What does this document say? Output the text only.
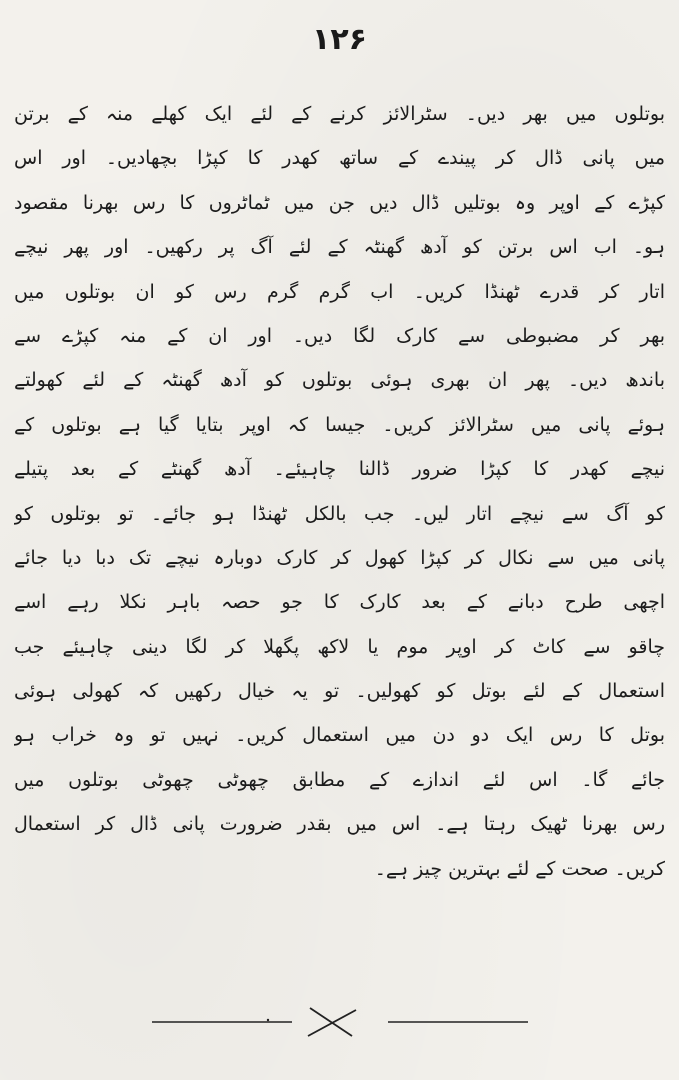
۱۲۶
بوتلوں میں بھر دیں۔ سٹرالائز کرنے کے لئے ایک کھلے منہ کے برتن
میں پانی ڈال کر پیندے کے ساتھ کھدر کا کپڑا بچھادیں۔ اور اس
کپڑے کے اوپر وہ بوتلیں ڈال دیں جن میں ٹماٹروں کا رس بھرنا مقصود
ہو۔ اب اس برتن کو آدھ گھنٹہ کے لئے آگ پر رکھیں۔ اور پھر نیچے
اتار کر قدرے ٹھنڈا کریں۔ اب گرم گرم رس کو ان بوتلوں میں
بھر کر مضبوطی سے کارک لگا دیں۔ اور ان کے منہ کپڑے سے
باندھ دیں۔ پھر ان بھری ہوئی بوتلوں کو آدھ گھنٹہ کے لئے کھولتے
ہوئے پانی میں سٹرالائز کریں۔ جیسا کہ اوپر بتایا گیا ہے بوتلوں کے
نیچے کھدر کا کپڑا ضرور ڈالنا چاہیئے۔ آدھ گھنٹے کے بعد پتیلے
کو آگ سے نیچے اتار لیں۔ جب بالکل ٹھنڈا ہو جائے۔ تو بوتلوں کو
پانی میں سے نکال کر کپڑا کھول کر کارک دوبارہ نیچے تک دبا دیا جائے
اچھی طرح دبانے کے بعد کارک کا جو حصہ باہر نکلا رہے اسے
چاقو سے کاٹ کر اوپر موم یا لاکھ پگھلا کر لگا دینی چاہیئے جب
استعمال کے لئے بوتل کو کھولیں۔ تو یہ خیال رکھیں کہ کھولی ہوئی
بوتل کا رس ایک دو دن میں استعمال کریں۔ نہیں تو وہ خراب ہو
جائے گا۔ اس لئے اندازے کے مطابق چھوٹی چھوٹی بوتلوں میں
رس بھرنا ٹھیک رہتا ہے۔ اس میں بقدر ضرورت پانی ڈال کر استعمال
کریں۔ صحت کے لئے بہترین چیز ہے۔
